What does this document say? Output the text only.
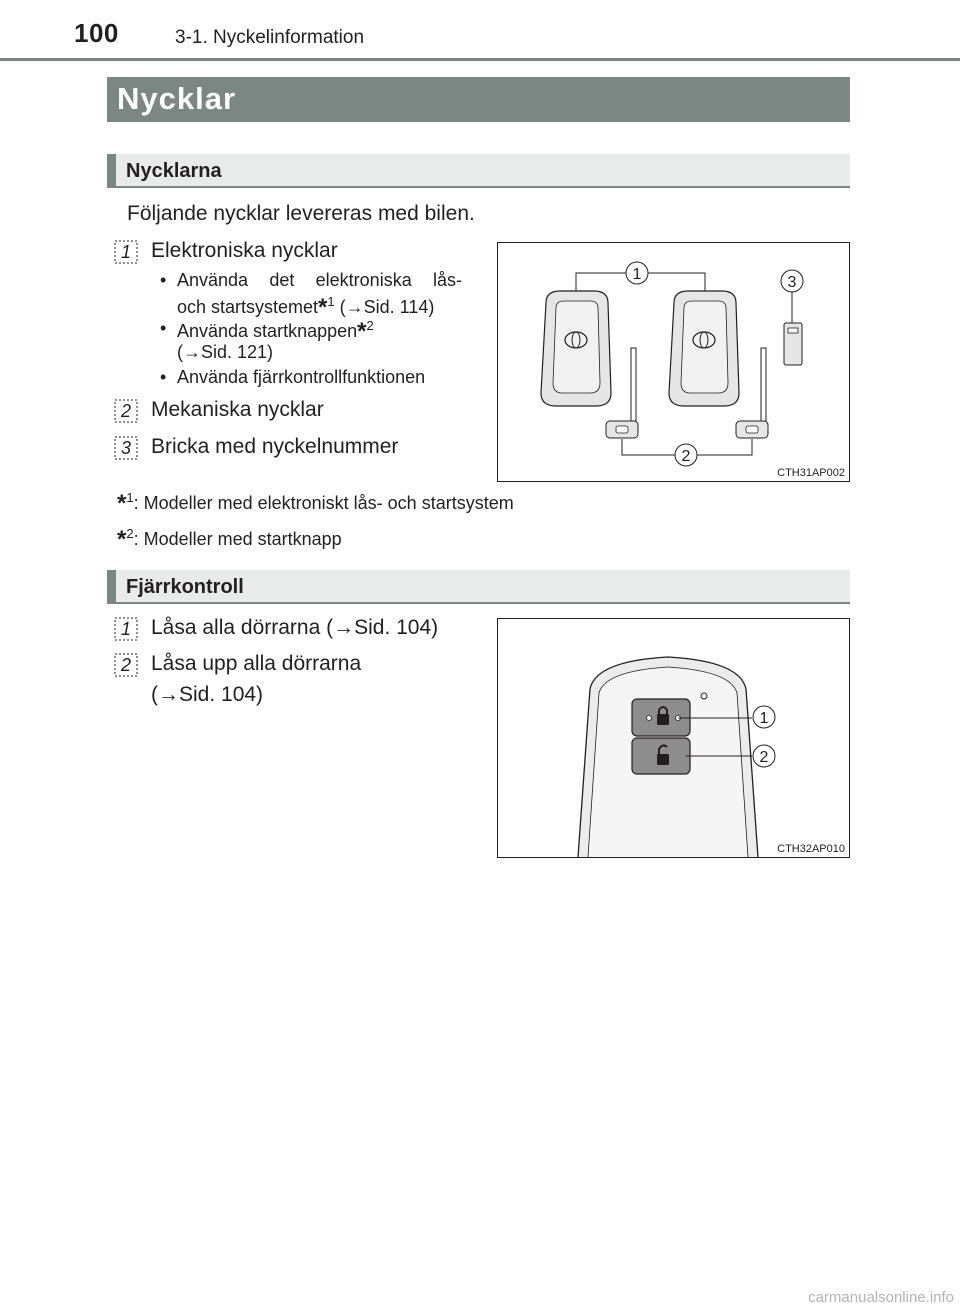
100	3-1. Nyckelinformation
Nycklar
Nycklarna
Följande nycklar levereras med bilen.
1 Elektroniska nycklar
• Använda det elektroniska lås-
och startsystemet*$^1$ (→Sid. 114)
• Använda startknappen*$^2$
(→Sid. 121)
• Använda fjärrkontrollfunktionen
2 Mekaniska nycklar
3 Bricka med nyckelnummer
1
2
3
CTH31AP002
*$^1$: Modeller med elektroniskt lås- och startsystem
*$^2$: Modeller med startknapp
Fjärrkontroll
1 Låsa alla dörrarna (→Sid. 104)
2 Låsa upp alla dörrarna
(→Sid. 104)
1
2
CTH32AP010
carmanualsonline.info
